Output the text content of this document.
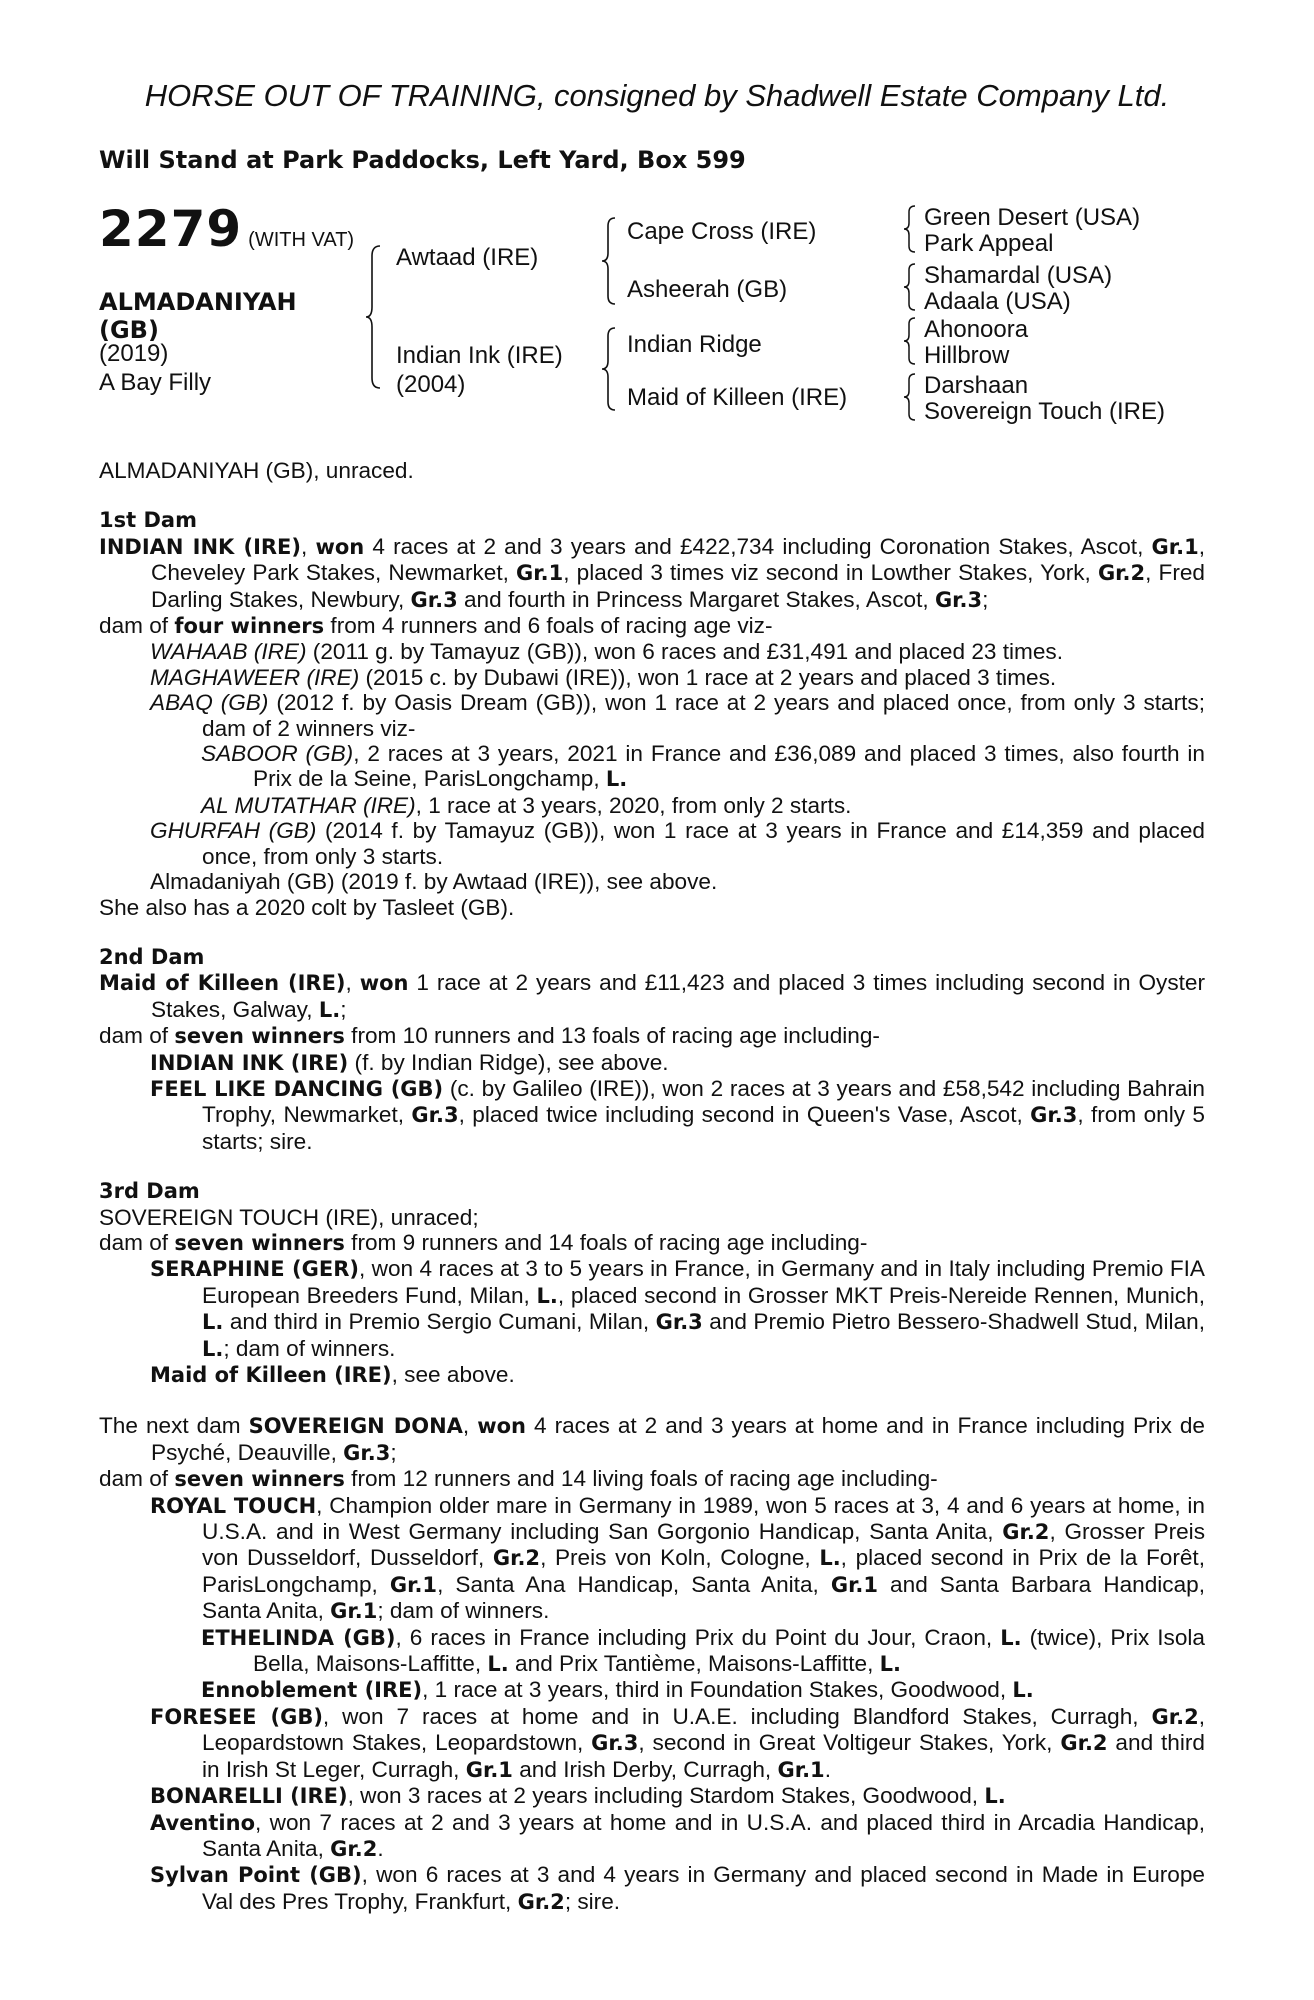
HORSE OUT OF TRAINING, consigned by Shadwell Estate Company Ltd.
Will Stand at Park Paddocks, Left Yard, Box 599
2279 (WITH VAT)
ALMADANIYAH
(GB)
(2019)
A Bay Filly
Awtaad (IRE)
Indian Ink (IRE)
(2004)
Cape Cross (IRE)
Asheerah (GB)
Indian Ridge
Maid of Killeen (IRE)
Green Desert (USA)
Park Appeal
Shamardal (USA)
Adaala (USA)
Ahonoora
Hillbrow
Darshaan
Sovereign Touch (IRE)

ALMADANIYAH (GB), unraced.

1st Dam

INDIAN INK (IRE), won 4 races at 2 and 3 years and £422,734 including Coronation Stakes, Ascot, Gr.1, Cheveley Park Stakes, Newmarket, Gr.1, placed 3 times viz second in Lowther Stakes, York, Gr.2, Fred Darling Stakes, Newbury, Gr.3 and fourth in Princess Margaret Stakes, Ascot, Gr.3;

dam of four winners from 4 runners and 6 foals of racing age viz-

WAHAAB (IRE) (2011 g. by Tamayuz (GB)), won 6 races and £31,491 and placed 23 times.

MAGHAWEER (IRE) (2015 c. by Dubawi (IRE)), won 1 race at 2 years and placed 3 times.

ABAQ (GB) (2012 f. by Oasis Dream (GB)), won 1 race at 2 years and placed once, from only 3 starts; dam of 2 winners viz-

SABOOR (GB), 2 races at 3 years, 2021 in France and £36,089 and placed 3 times, also fourth in Prix de la Seine, ParisLongchamp, L.

AL MUTATHAR (IRE), 1 race at 3 years, 2020, from only 2 starts.

GHURFAH (GB) (2014 f. by Tamayuz (GB)), won 1 race at 3 years in France and £14,359 and placed once, from only 3 starts.

Almadaniyah (GB) (2019 f. by Awtaad (IRE)), see above.

She also has a 2020 colt by Tasleet (GB).

2nd Dam

Maid of Killeen (IRE), won 1 race at 2 years and £11,423 and placed 3 times including second in Oyster Stakes, Galway, L.;

dam of seven winners from 10 runners and 13 foals of racing age including-

INDIAN INK (IRE) (f. by Indian Ridge), see above.

FEEL LIKE DANCING (GB) (c. by Galileo (IRE)), won 2 races at 3 years and £58,542 including Bahrain Trophy, Newmarket, Gr.3, placed twice including second in Queen's Vase, Ascot, Gr.3, from only 5 starts; sire.

3rd Dam

SOVEREIGN TOUCH (IRE), unraced;

dam of seven winners from 9 runners and 14 foals of racing age including-

SERAPHINE (GER), won 4 races at 3 to 5 years in France, in Germany and in Italy including Premio FIA European Breeders Fund, Milan, L., placed second in Grosser MKT Preis-Nereide Rennen, Munich, L. and third in Premio Sergio Cumani, Milan, Gr.3 and Premio Pietro Bessero-Shadwell Stud, Milan, L.; dam of winners.

Maid of Killeen (IRE), see above.

The next dam SOVEREIGN DONA, won 4 races at 2 and 3 years at home and in France including Prix de Psyché, Deauville, Gr.3;

dam of seven winners from 12 runners and 14 living foals of racing age including-

ROYAL TOUCH, Champion older mare in Germany in 1989, won 5 races at 3, 4 and 6 years at home, in U.S.A. and in West Germany including San Gorgonio Handicap, Santa Anita, Gr.2, Grosser Preis von Dusseldorf, Dusseldorf, Gr.2, Preis von Koln, Cologne, L., placed second in Prix de la Forêt, ParisLongchamp, Gr.1, Santa Ana Handicap, Santa Anita, Gr.1 and Santa Barbara Handicap, Santa Anita, Gr.1; dam of winners.

ETHELINDA (GB), 6 races in France including Prix du Point du Jour, Craon, L. (twice), Prix Isola Bella, Maisons-Laffitte, L. and Prix Tantième, Maisons-Laffitte, L.

Ennoblement (IRE), 1 race at 3 years, third in Foundation Stakes, Goodwood, L.

FORESEE (GB), won 7 races at home and in U.A.E. including Blandford Stakes, Curragh, Gr.2, Leopardstown Stakes, Leopardstown, Gr.3, second in Great Voltigeur Stakes, York, Gr.2 and third in Irish St Leger, Curragh, Gr.1 and Irish Derby, Curragh, Gr.1.

BONARELLI (IRE), won 3 races at 2 years including Stardom Stakes, Goodwood, L.

Aventino, won 7 races at 2 and 3 years at home and in U.S.A. and placed third in Arcadia Handicap, Santa Anita, Gr.2.

Sylvan Point (GB), won 6 races at 3 and 4 years in Germany and placed second in Made in Europe Val des Pres Trophy, Frankfurt, Gr.2; sire.
